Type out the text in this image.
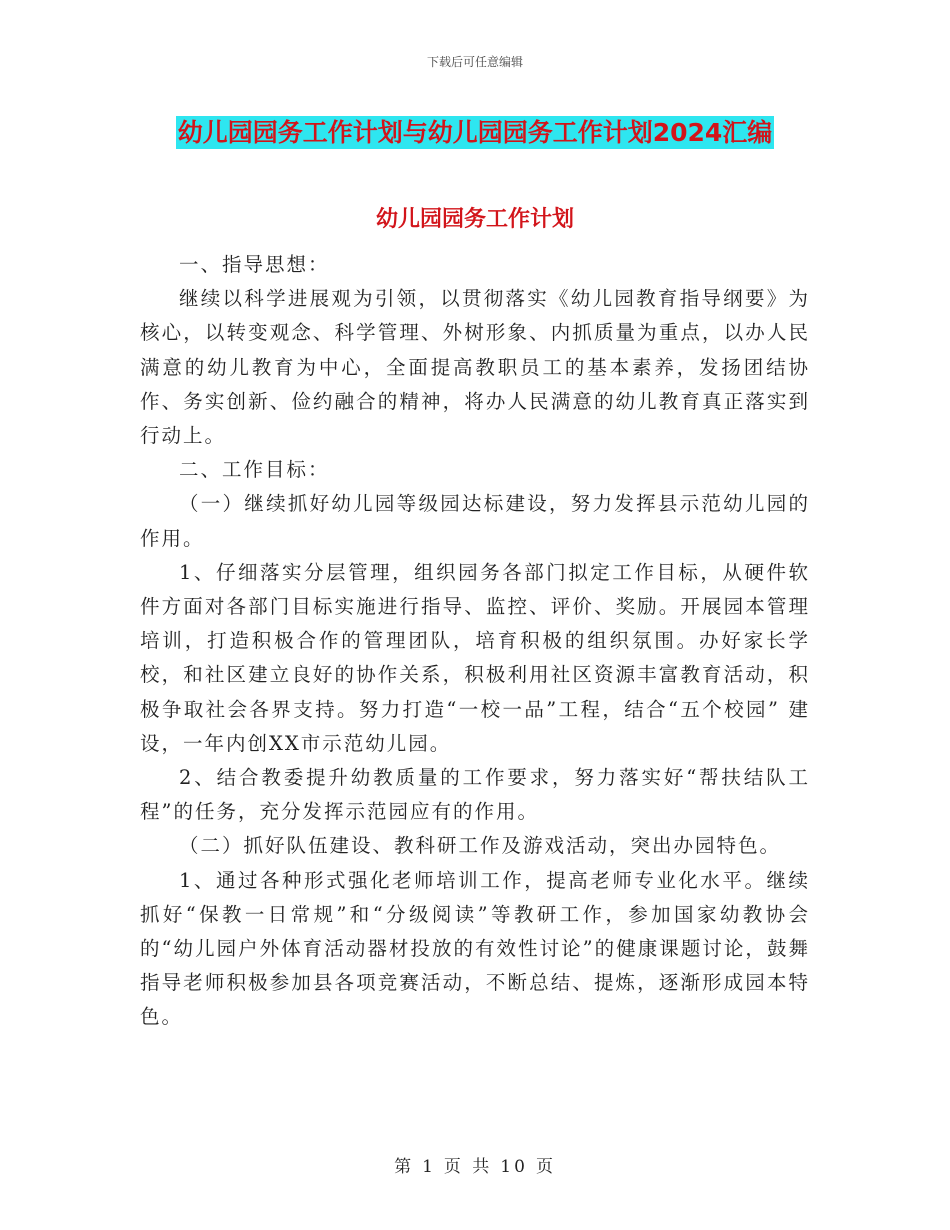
下载后可任意编辑
幼儿园园务工作计划与幼儿园园务工作计划2024汇编
幼儿园园务工作计划

一、指导思想：

继续以科学进展观为引领，以贯彻落实《幼儿园教育指导纲要》为核心，以转变观念、科学管理、外树形象、内抓质量为重点，以办人民满意的幼儿教育为中心，全面提高教职员工的基本素养，发扬团结协作、务实创新、俭约融合的精神，将办人民满意的幼儿教育真正落实到行动上。

二、工作目标：

（一）继续抓好幼儿园等级园达标建设，努力发挥县示范幼儿园的作用。

1、仔细落实分层管理，组织园务各部门拟定工作目标，从硬件软件方面对各部门目标实施进行指导、监控、评价、奖励。开展园本管理培训，打造积极合作的管理团队，培育积极的组织氛围。办好家长学校，和社区建立良好的协作关系，积极利用社区资源丰富教育活动，积极争取社会各界支持。努力打造“一校一品”工程，结合“五个校园” 建设，一年内创XX市示范幼儿园。

2、结合教委提升幼教质量的工作要求，努力落实好“帮扶结队工程”的任务，充分发挥示范园应有的作用。

（二）抓好队伍建设、教科研工作及游戏活动，突出办园特色。

1、通过各种形式强化老师培训工作，提高老师专业化水平。继续抓好“保教一日常规”和“分级阅读”等教研工作，参加国家幼教协会的“幼儿园户外体育活动器材投放的有效性讨论”的健康课题讨论，鼓舞指导老师积极参加县各项竞赛活动，不断总结、提炼，逐渐形成园本特色。

第 1 页 共 10 页
